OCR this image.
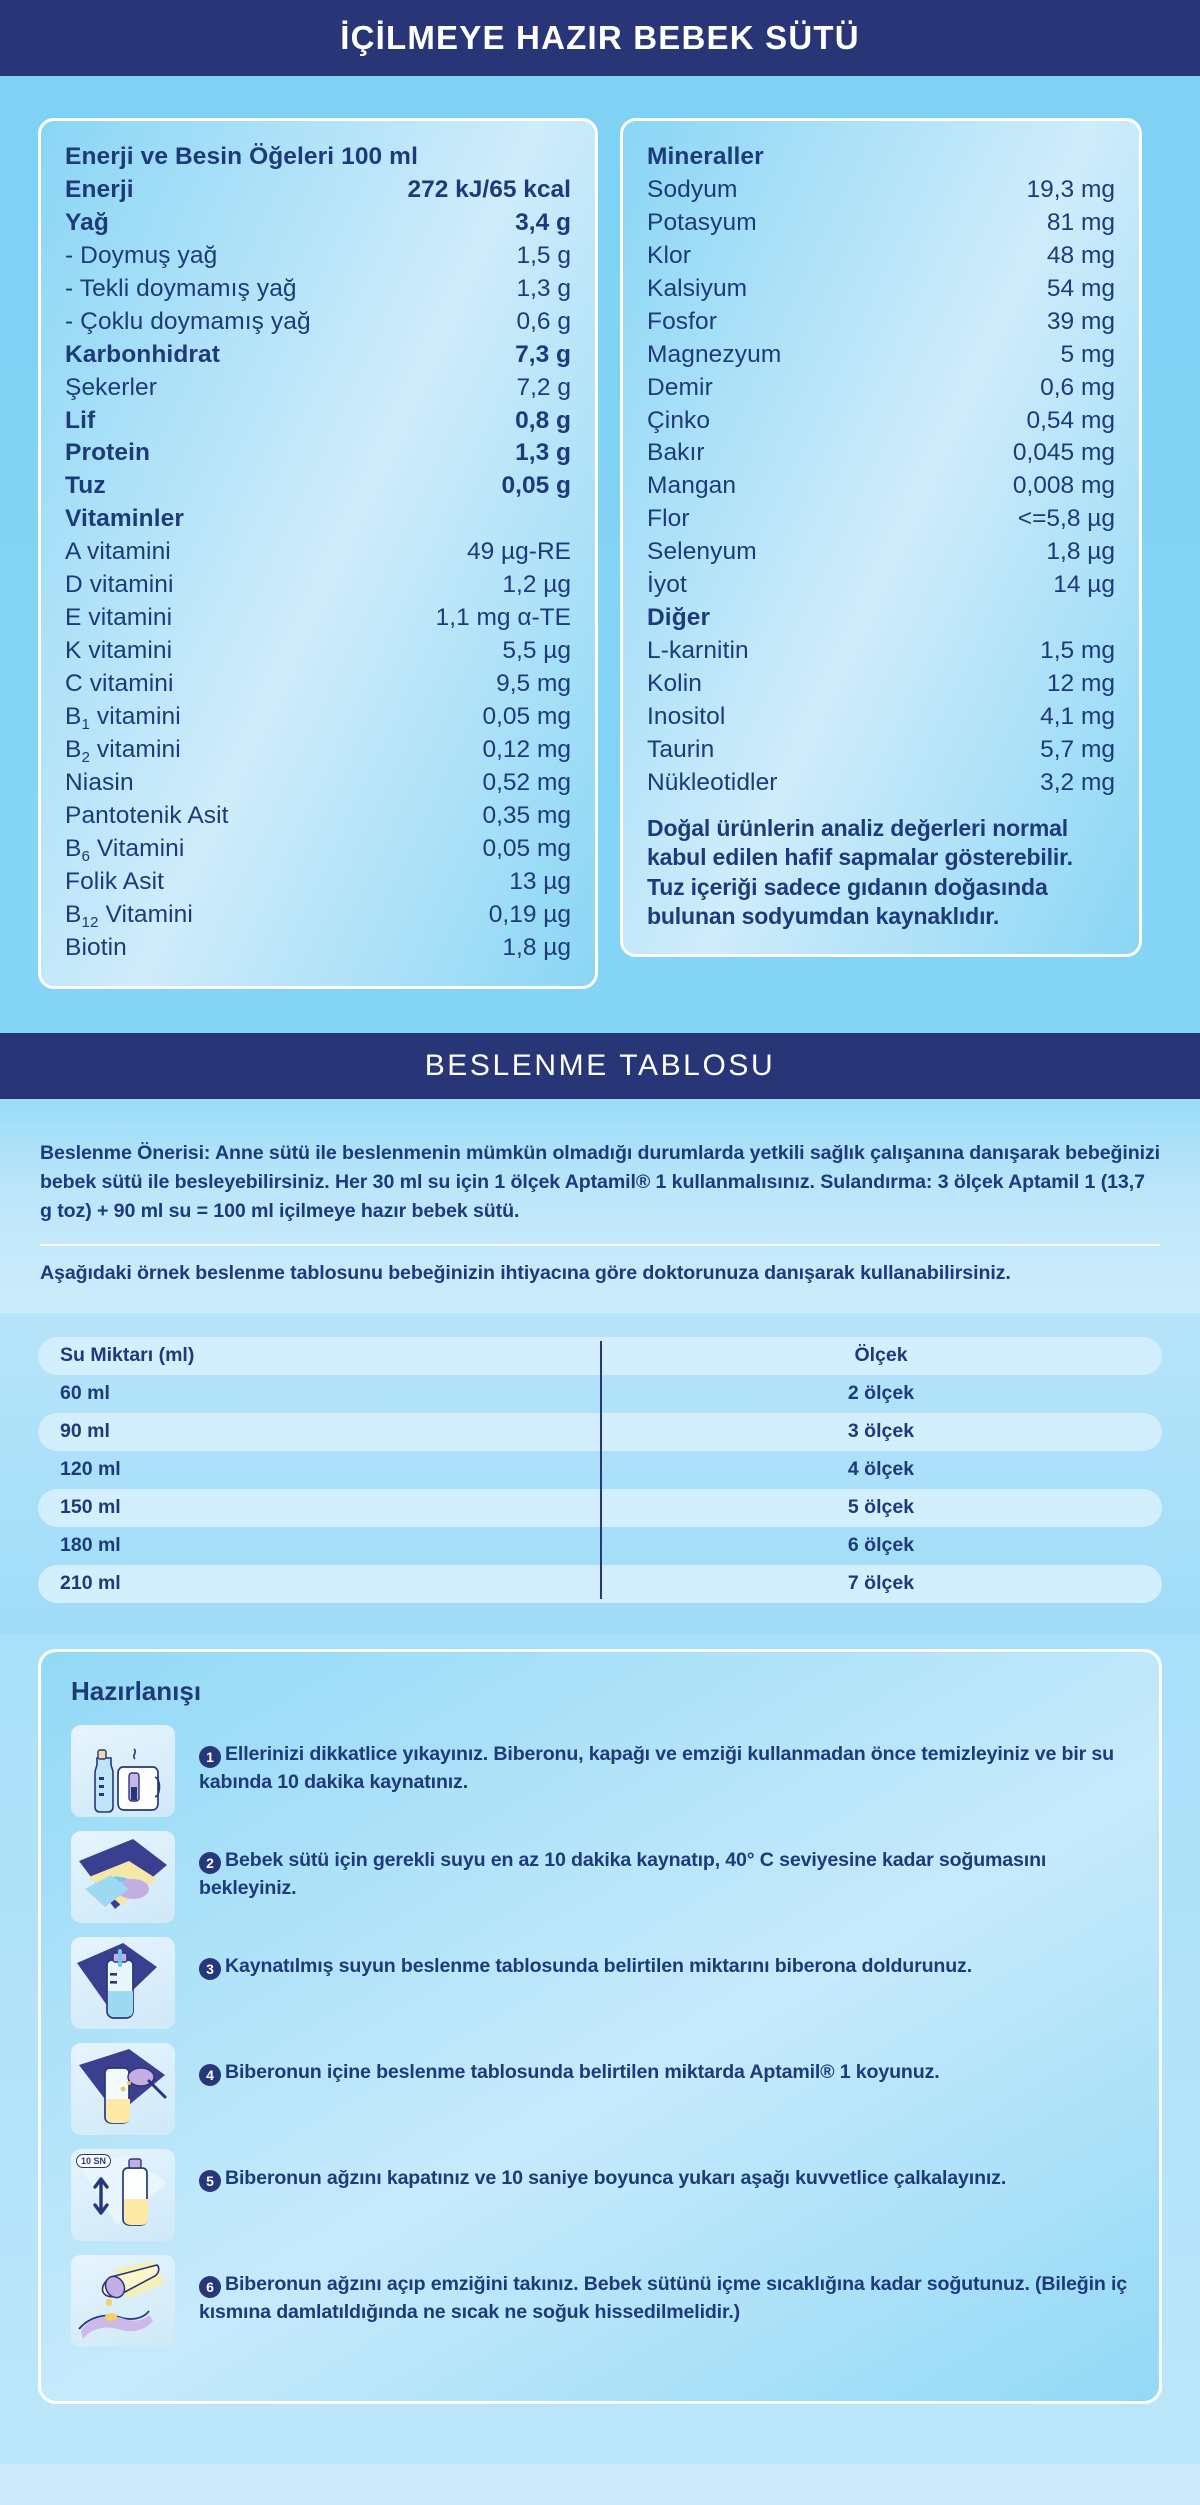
İÇİLMEYE HAZIR BEBEK SÜTÜ
Enerji ve Besin Öğeleri 100 ml
Enerji	272 kJ/65 kcal
Yağ	3,4 g
- Doymuş yağ	1,5 g
- Tekli doymamış yağ	1,3 g
- Çoklu doymamış yağ	0,6 g
Karbonhidrat	7,3 g
Şekerler	7,2 g
Lif	0,8 g
Protein	1,3 g
Tuz	0,05 g
Vitaminler
A vitamini	49 µg-RE
D vitamini	1,2 µg
E vitamini	1,1 mg α-TE
K vitamini	5,5 µg
C vitamini	9,5 mg
$B_1$ vitamini	0,05 mg
$B_2$ vitamini	0,12 mg
Niasin	0,52 mg
Pantotenik Asit	0,35 mg
$B_6$ Vitamini	0,05 mg
Folik Asit	13 µg
$B_{12}$ Vitamini	0,19 µg
Biotin	1,8 µg
Mineraller
Sodyum	19,3 mg
Potasyum	81 mg
Klor	48 mg
Kalsiyum	54 mg
Fosfor	39 mg
Magnezyum	5 mg
Demir	0,6 mg
Çinko	0,54 mg
Bakır	0,045 mg
Mangan	0,008 mg
Flor	<=5,8 µg
Selenyum	1,8 µg
İyot	14 µg
Diğer
L-karnitin	1,5 mg
Kolin	12 mg
Inositol	4,1 mg
Taurin	5,7 mg
Nükleotidler	3,2 mg
Doğal ürünlerin analiz değerleri normal kabul edilen hafif sapmalar gösterebilir. Tuz içeriği sadece gıdanın doğasında bulunan sodyumdan kaynaklıdır.
BESLENME TABLOSU
Beslenme Önerisi: Anne sütü ile beslenmenin mümkün olmadığı durumlarda yetkili sağlık çalışanına danışarak bebeğinizi bebek sütü ile besleyebilirsiniz. Her 30 ml su için 1 ölçek Aptamil® 1 kullanmalısınız. Sulandırma: 3 ölçek Aptamil 1 (13,7 g toz) + 90 ml su = 100 ml içilmeye hazır bebek sütü.
Aşağıdaki örnek beslenme tablosunu bebeğinizin ihtiyacına göre doktorunuza danışarak kullanabilirsiniz.
Su Miktarı (ml)	Ölçek
60 ml	2 ölçek
90 ml	3 ölçek
120 ml	4 ölçek
150 ml	5 ölçek
180 ml	6 ölçek
210 ml	7 ölçek
Hazırlanışı
1 Ellerinizi dikkatlice yıkayınız. Biberonu, kapağı ve emziği kullanmadan önce temizleyiniz ve bir su kabında 10 dakika kaynatınız.
2 Bebek sütü için gerekli suyu en az 10 dakika kaynatıp, 40° C seviyesine kadar soğumasını bekleyiniz.
3 Kaynatılmış suyun beslenme tablosunda belirtilen miktarını biberona doldurunuz.
4 Biberonun içine beslenme tablosunda belirtilen miktarda Aptamil® 1 koyunuz.
10 SN
5 Biberonun ağzını kapatınız ve 10 saniye boyunca yukarı aşağı kuvvetlice çalkalayınız.
6 Biberonun ağzını açıp emziğini takınız. Bebek sütünü içme sıcaklığına kadar soğutunuz. (Bileğin iç kısmına damlatıldığında ne sıcak ne soğuk hissedilmelidir.)
